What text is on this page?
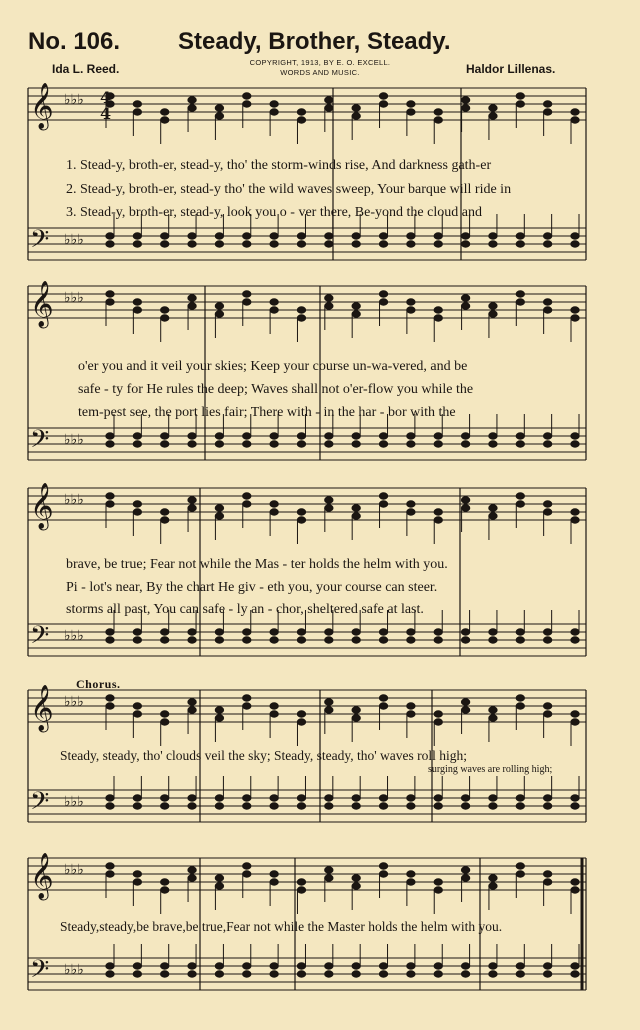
No. 106. Steady, Brother, Steady.
Ida L. Reed.	COPYRIGHT, 1913, BY E. O. EXCELL.
WORDS AND MUSIC.	Haldor Lillenas.
𝄞 ♭♭♭
𝄢 ♭♭♭
4
4
𝄞 ♭♭♭
𝄢 ♭♭♭
𝄞 ♭♭♭
𝄢 ♭♭♭
𝄞 ♭♭♭
𝄢 ♭♭♭
𝄞 ♭♭♭
𝄢 ♭♭♭
1. Stead-y, broth-er, stead-y, tho' the storm-winds rise, And darkness gath-er
2. Stead-y, broth-er, stead-y tho' the wild waves sweep, Your barque will ride in
3. Stead-y, broth-er, stead-y, look you o - ver there, Be-yond the cloud and
o'er you and it veil your skies; Keep your course un-wa-vered, and be
safe - ty for He rules the deep; Waves shall not o'er-flow you while the
tem-pest see, the port lies fair; There with - in the har - bor with the
brave, be true; Fear not while the Mas - ter holds the helm with you.
Pi - lot's near, By the chart He giv - eth you, your course can steer.
storms all past, You can safe - ly an - chor, sheltered safe at last.
Chorus.
Steady, steady, tho' clouds veil the sky; Steady, steady, tho' waves roll high;
surging waves are rolling high;
Steady,steady,be brave,be true,Fear not while the Master holds the helm with you.
